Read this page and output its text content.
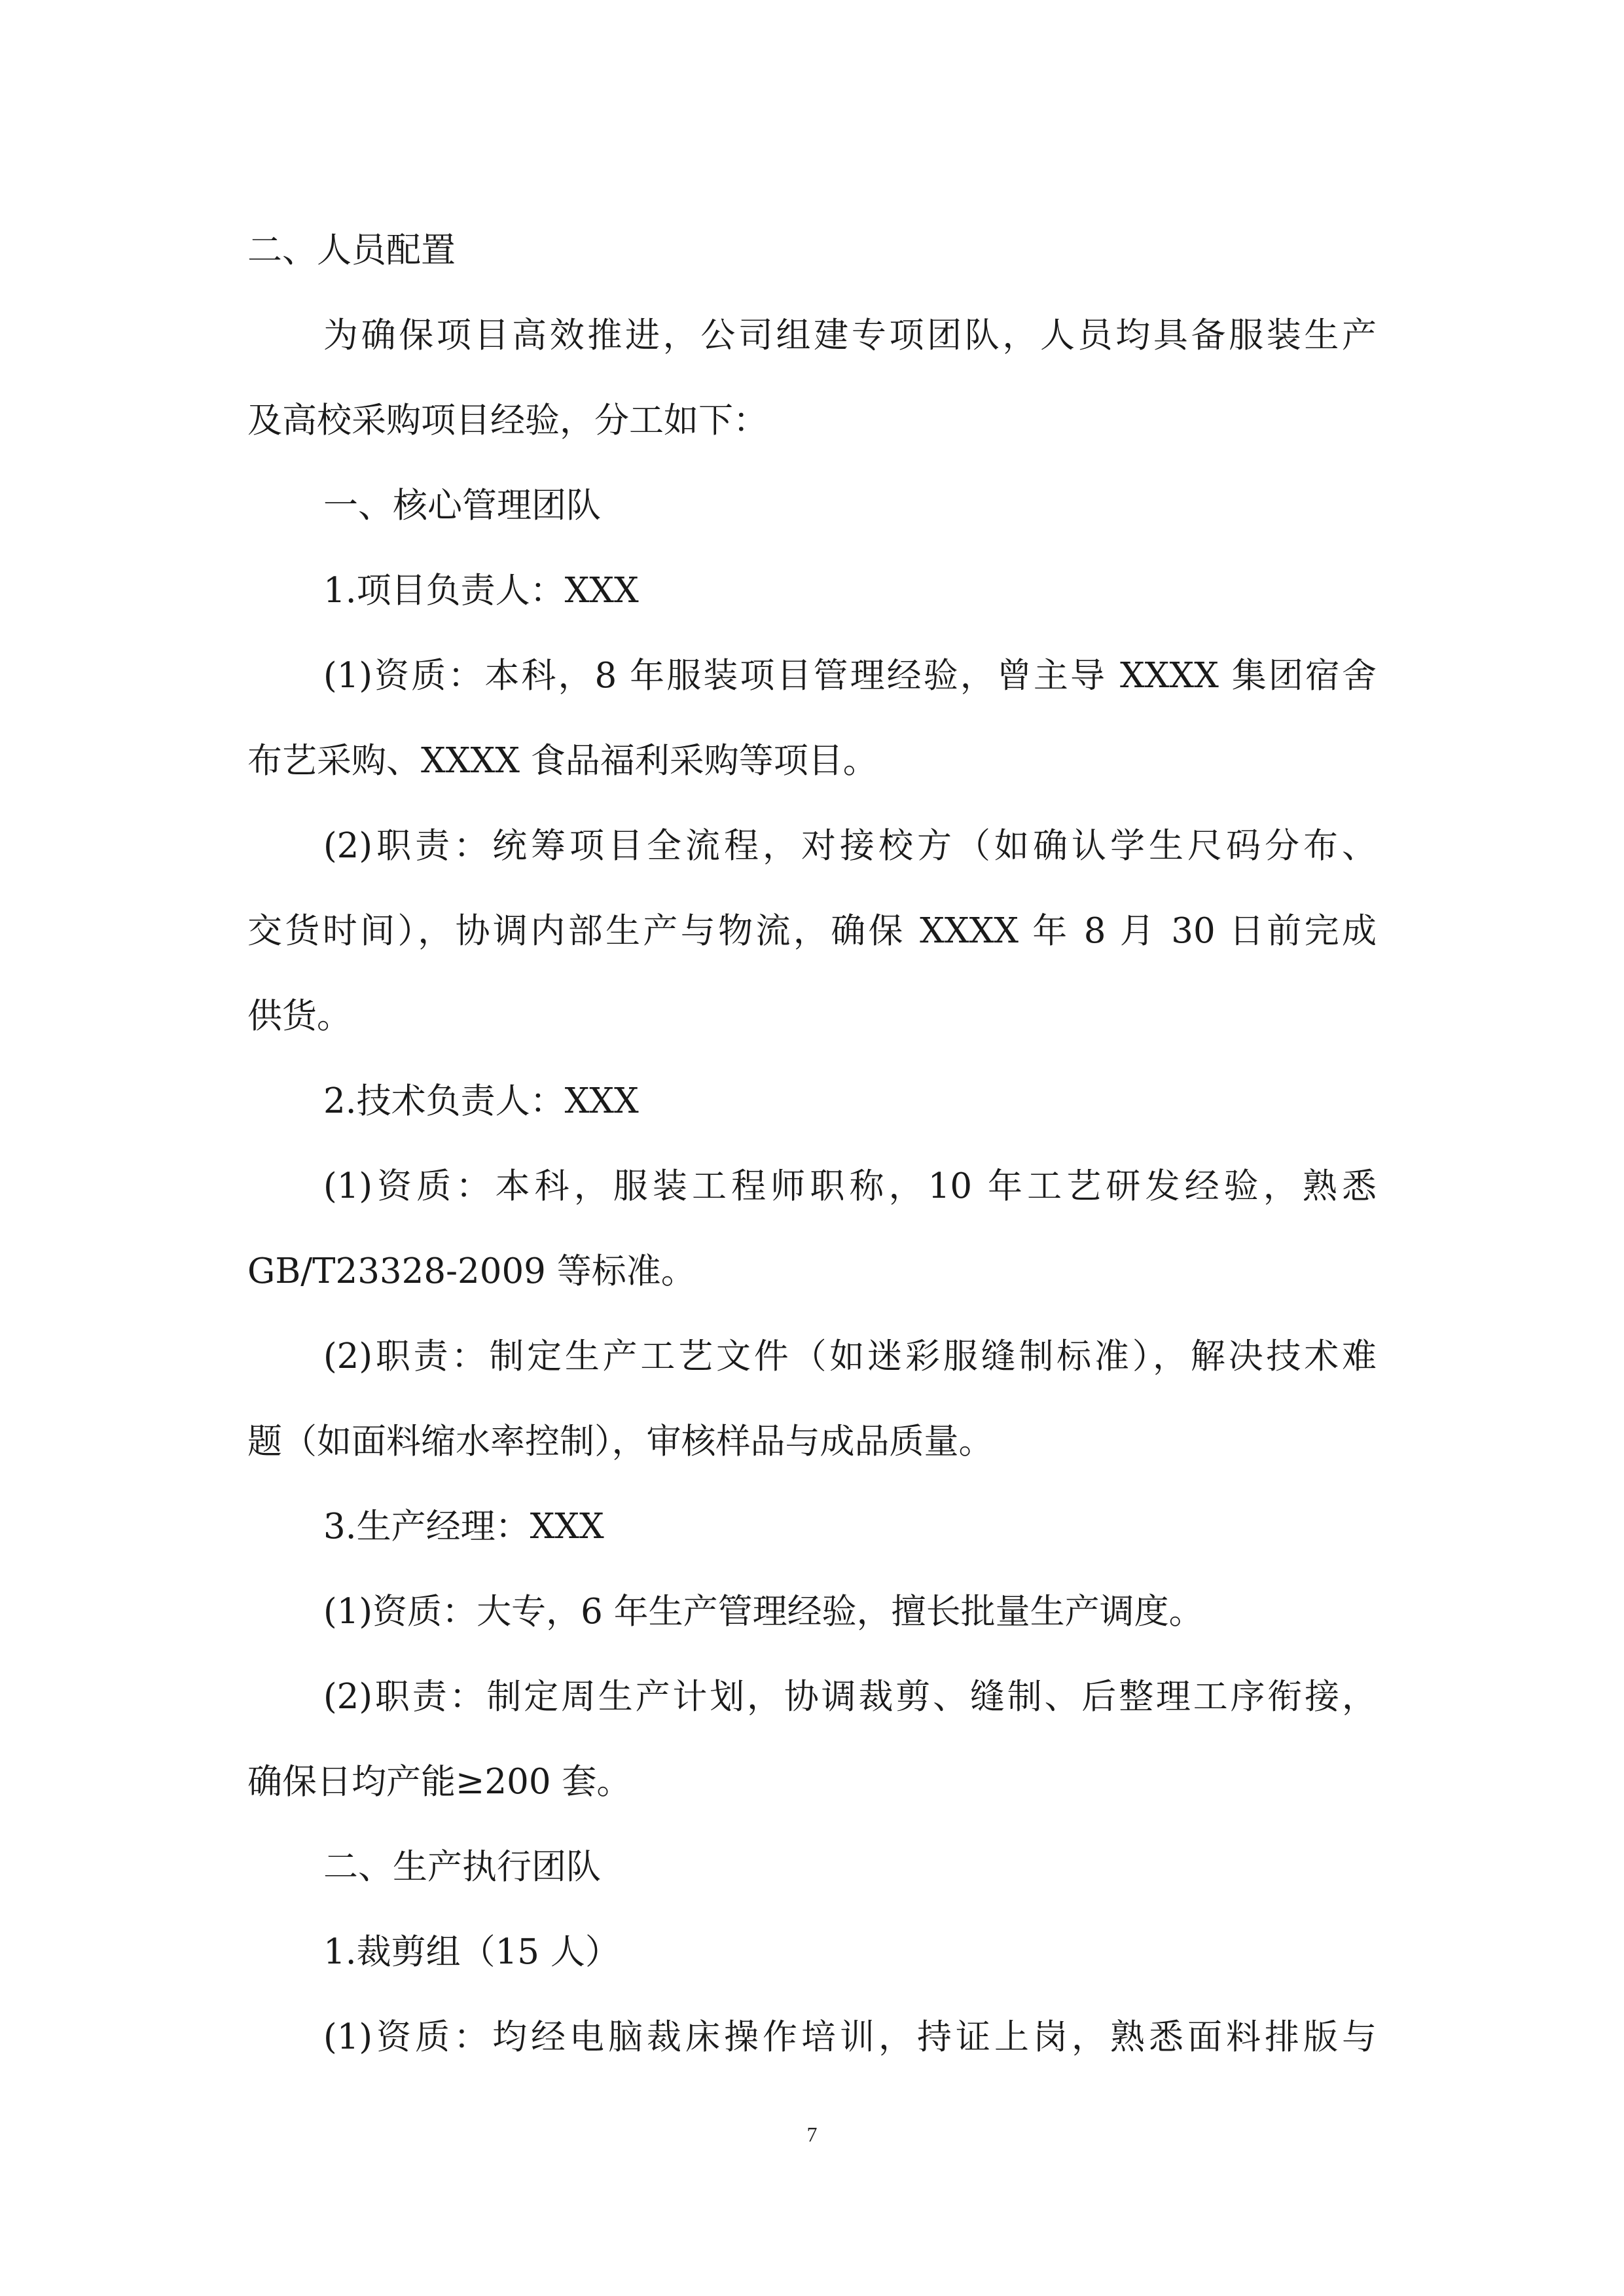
二、人员配置
为确保项目高效推进，公司组建专项团队，人员均具备服装生产
及高校采购项目经验，分工如下：
一、核心管理团队
1.项目负责人：XXX
(1)资质：本科，8 年服装项目管理经验，曾主导 XXXX 集团宿舍
布艺采购、XXXX 食品福利采购等项目。
(2)职责：统筹项目全流程，对接校方（如确认学生尺码分布、
交货时间），协调内部生产与物流，确保 XXXX 年 8 月 30 日前完成
供货。
2.技术负责人：XXX
(1)资质：本科，服装工程师职称，10 年工艺研发经验，熟悉
GB/T23328-2009 等标准。
(2)职责：制定生产工艺文件（如迷彩服缝制标准），解决技术难
题（如面料缩水率控制），审核样品与成品质量。
3.生产经理：XXX
(1)资质：大专，6 年生产管理经验，擅长批量生产调度。
(2)职责：制定周生产计划，协调裁剪、缝制、后整理工序衔接，
确保日均产能≥200 套。
二、生产执行团队
1.裁剪组（15 人）
(1)资质：均经电脑裁床操作培训，持证上岗，熟悉面料排版与
7
